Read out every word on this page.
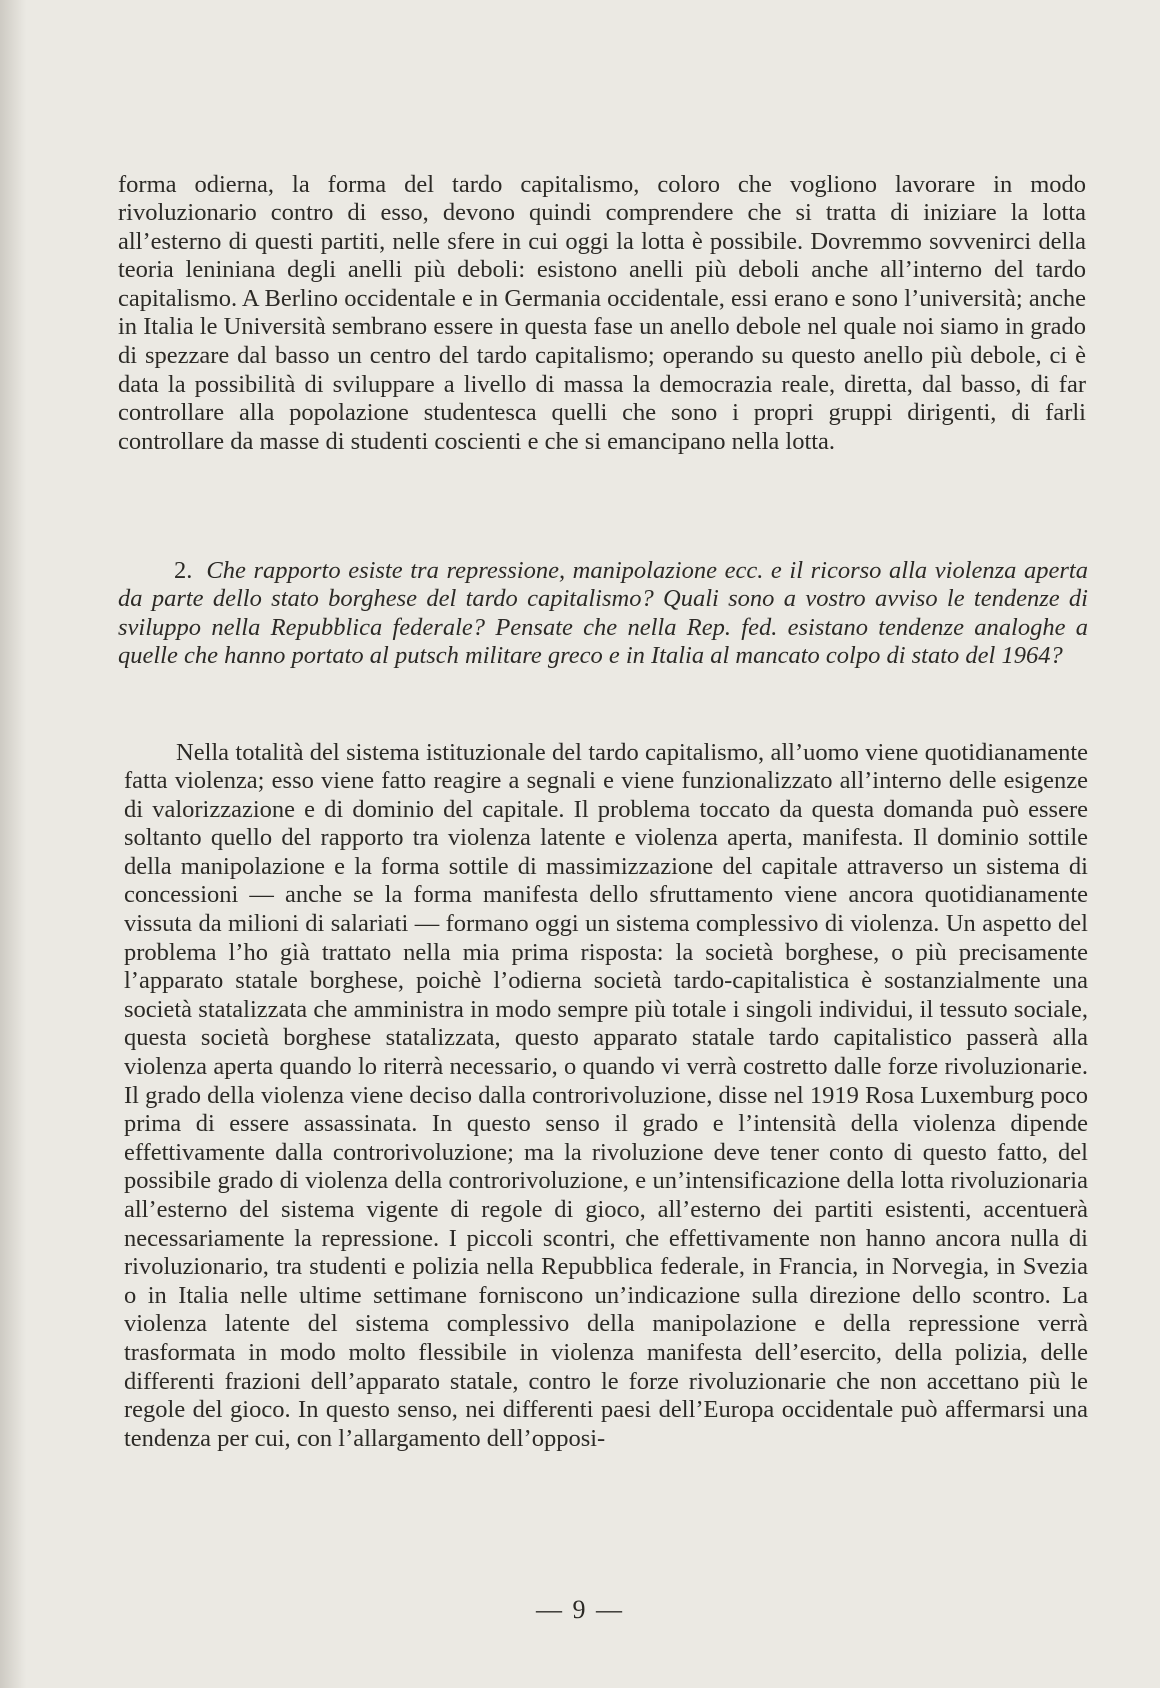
forma odierna, la forma del tardo capitalismo, coloro che vogliono lavorare in modo rivoluzionario contro di esso, devono quindi comprendere che si tratta di iniziare la lotta all’esterno di questi partiti, nelle sfere in cui oggi la lotta è possibile. Dovremmo sovvenirci della teoria leniniana degli anelli più deboli: esistono anelli più deboli anche all’interno del tardo capitalismo. A Berlino occidentale e in Germania occidentale, essi erano e sono l’università; anche in Italia le Università sembrano essere in questa fase un anello debole nel quale noi siamo in grado di spezzare dal basso un centro del tardo capitalismo; operando su questo anello più debole, ci è data la possibilità di sviluppare a livello di massa la democrazia reale, diretta, dal basso, di far controllare alla popolazione studentesca quelli che sono i propri gruppi dirigenti, di farli controllare da masse di studenti coscienti e che si emancipano nella lotta.

2. Che rapporto esiste tra repressione, manipolazione ecc. e il ricorso alla violenza aperta da parte dello stato borghese del tardo capitalismo? Quali sono a vostro avviso le tendenze di sviluppo nella Repubblica federale? Pensate che nella Rep. fed. esistano tendenze analoghe a quelle che hanno portato al putsch militare greco e in Italia al mancato colpo di stato del 1964?

Nella totalità del sistema istituzionale del tardo capitalismo, all’uomo viene quotidianamente fatta violenza; esso viene fatto reagire a segnali e viene funzionalizzato all’interno delle esigenze di valorizzazione e di dominio del capitale. Il problema toccato da questa domanda può essere soltanto quello del rapporto tra violenza latente e violenza aperta, manifesta. Il dominio sottile della manipolazione e la forma sottile di massimizzazione del capitale attraverso un sistema di concessioni — anche se la forma manifesta dello sfruttamento viene ancora quotidianamente vissuta da milioni di salariati — formano oggi un sistema complessivo di violenza. Un aspetto del problema l’ho già trattato nella mia prima risposta: la società borghese, o più precisamente l’apparato statale borghese, poichè l’odierna società tardo-capitalistica è sostanzialmente una società statalizzata che amministra in modo sempre più totale i singoli individui, il tessuto sociale, questa società borghese statalizzata, questo apparato statale tardo capitalistico passerà alla violenza aperta quando lo riterrà necessario, o quando vi verrà costretto dalle forze rivoluzionarie. Il grado della violenza viene deciso dalla controrivoluzione, disse nel 1919 Rosa Luxemburg poco prima di essere assassinata. In questo senso il grado e l’intensità della violenza dipende effettivamente dalla controrivoluzione; ma la rivoluzione deve tener conto di questo fatto, del possibile grado di violenza della controrivoluzione, e un’intensificazione della lotta rivoluzionaria all’esterno del sistema vigente di regole di gioco, all’esterno dei partiti esistenti, accentuerà necessariamente la repressione. I piccoli scontri, che effettivamente non hanno ancora nulla di rivoluzionario, tra studenti e polizia nella Repubblica federale, in Francia, in Norvegia, in Svezia o in Italia nelle ultime settimane forniscono un’indicazione sulla direzione dello scontro. La violenza latente del sistema complessivo della manipolazione e della repressione verrà trasformata in modo molto flessibile in violenza manifesta dell’esercito, della polizia, delle differenti frazioni dell’apparato statale, contro le forze rivoluzionarie che non accettano più le regole del gioco. In questo senso, nei differenti paesi dell’Europa occidentale può affermarsi una tendenza per cui, con l’allargamento dell’opposi-

— 9 —
